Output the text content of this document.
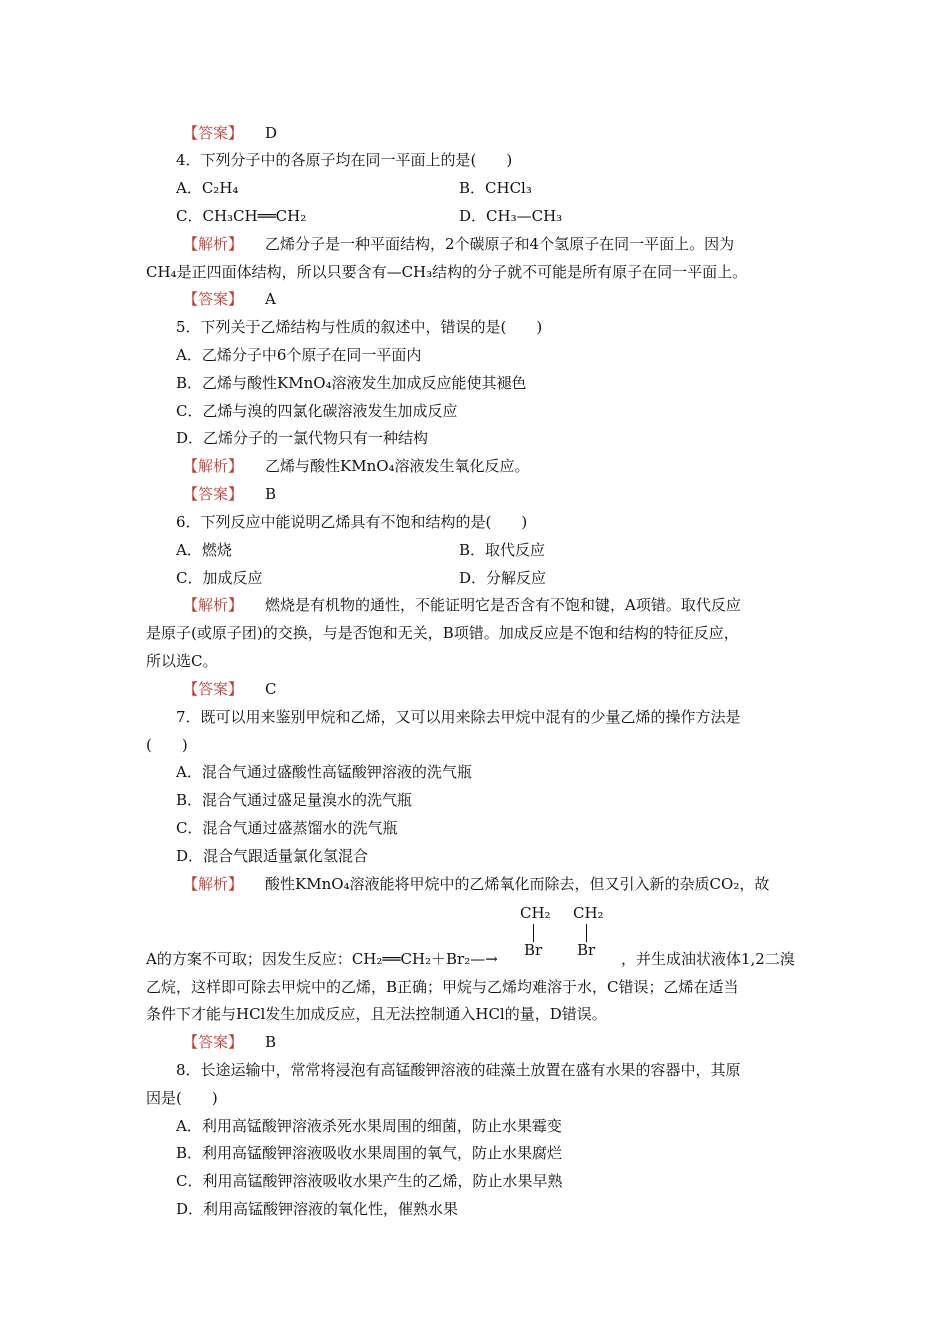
【答案】 D
4．下列分子中的各原子均在同一平面上的是(　　)
A．C₂H₄	B．CHCl₃
C．CH₃CH══CH₂	D．CH₃—CH₃
【解析】 乙烯分子是一种平面结构，2个碳原子和4个氢原子在同一平面上。因为
CH₄是正四面体结构，所以只要含有—CH₃结构的分子就不可能是所有原子在同一平面上。
【答案】 A
5．下列关于乙烯结构与性质的叙述中，错误的是(　　)
A．乙烯分子中6个原子在同一平面内
B．乙烯与酸性KMnO₄溶液发生加成反应能使其褪色
C．乙烯与溴的四氯化碳溶液发生加成反应
D．乙烯分子的一氯代物只有一种结构
【解析】 乙烯与酸性KMnO₄溶液发生氧化反应。
【答案】 B
6．下列反应中能说明乙烯具有不饱和结构的是(　　)
A．燃烧	B．取代反应
C．加成反应	D．分解反应
【解析】 燃烧是有机物的通性，不能证明它是否含有不饱和键，A项错。取代反应
是原子(或原子团)的交换，与是否饱和无关，B项错。加成反应是不饱和结构的特征反应，
所以选C。
【答案】 C
7．既可以用来鉴别甲烷和乙烯，又可以用来除去甲烷中混有的少量乙烯的操作方法是
(　　)
A．混合气通过盛酸性高锰酸钾溶液的洗气瓶
B．混合气通过盛足量溴水的洗气瓶
C．混合气通过盛蒸馏水的洗气瓶
D．混合气跟适量氯化氢混合
【解析】 酸性KMnO₄溶液能将甲烷中的乙烯氧化而除去，但又引入新的杂质CO₂，故
CH₂ CH₂
Br Br
A的方案不可取；因发生反应：CH₂══CH₂＋Br₂—→	，并生成油状液体1,2二溴
乙烷，这样即可除去甲烷中的乙烯，B正确；甲烷与乙烯均难溶于水，C错误；乙烯在适当
条件下才能与HCl发生加成反应，且无法控制通入HCl的量，D错误。
【答案】 B
8．长途运输中，常常将浸泡有高锰酸钾溶液的硅藻土放置在盛有水果的容器中，其原
因是(　　)
A．利用高锰酸钾溶液杀死水果周围的细菌，防止水果霉变
B．利用高锰酸钾溶液吸收水果周围的氧气，防止水果腐烂
C．利用高锰酸钾溶液吸收水果产生的乙烯，防止水果早熟
D．利用高锰酸钾溶液的氧化性，催熟水果
